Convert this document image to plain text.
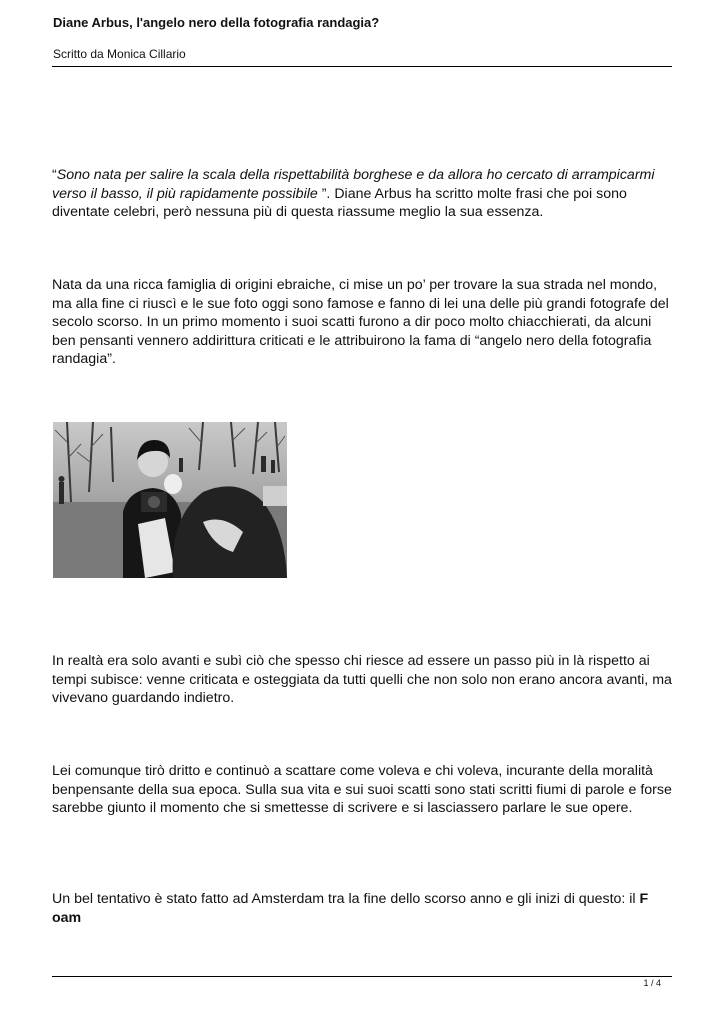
Diane Arbus, l'angelo nero della fotografia randagia?
Scritto da Monica Cillario

“Sono nata per salire la scala della rispettabilità borghese e da allora ho cercato di arrampicarmi verso il basso, il più rapidamente possibile ”. Diane Arbus ha scritto molte frasi che poi sono diventate celebri, però nessuna più di questa riassume meglio la sua essenza.

Nata da una ricca famiglia di origini ebraiche, ci mise un po’ per trovare la sua strada nel mondo, ma alla fine ci riuscì e le sue foto oggi sono famose e fanno di lei una delle più grandi fotografe del secolo scorso. In un primo momento i suoi scatti furono a dir poco molto chiacchierati, da alcuni ben pensanti vennero addirittura criticati e le attribuirono la fama di “angelo nero della fotografia randagia”.

In realtà era solo avanti e subì ciò che spesso chi riesce ad essere un passo più in là rispetto ai tempi subisce: venne criticata e osteggiata da tutti quelli che non solo non erano ancora avanti, ma vivevano guardando indietro.

Lei comunque tirò dritto e continuò a scattare come voleva e chi voleva, incurante della moralità benpensante della sua epoca. Sulla sua vita e sui suoi scatti sono stati scritti fiumi di parole e forse sarebbe giunto il momento che si smettesse di scrivere e si lasciassero parlare le sue opere.

Un bel tentativo è stato fatto ad Amsterdam tra la fine dello scorso anno e gli inizi di questo: il F oam

1 / 4
